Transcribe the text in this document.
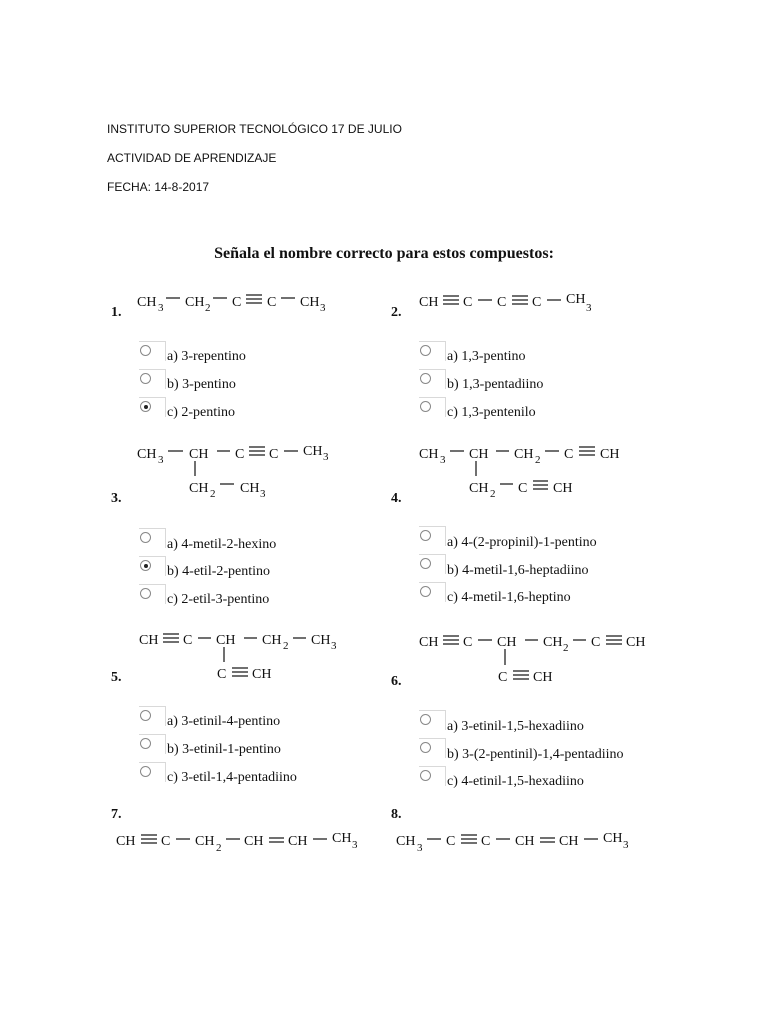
INSTITUTO SUPERIOR TECNOLÓGICO 17 DE JULIO
ACTIVIDAD DE APRENDIZAJE
FECHA: 14-8-2017
Señala el nombre correcto para estos compuestos:
1.	2.
3.	4.
5.	6.
7.	8.
a) 3-repentino
b) 3-pentino
c) 2-pentino
a) 1,3-pentino
b) 1,3-pentadiino
c) 1,3-pentenilo
a) 4-metil-2-hexino
b) 4-etil-2-pentino
c) 2-etil-3-pentino
a) 4-(2-propinil)-1-pentino
b) 4-metil-1,6-heptadiino
c) 4-metil-1,6-heptino
a) 3-etinil-4-pentino
b) 3-etinil-1-pentino
c) 3-etil-1,4-pentadiino
a) 3-etinil-1,5-hexadiino
b) 3-(2-pentinil)-1,4-pentadiino
c) 4-etinil-1,5-hexadiino
CH 3 CH 2 C C CH 3	CH C C C CH
3
CH 3 CH C C CH 3
CH 2 CH 3
CH 3 CH CH 2 C CH
CH 2 C CH
CH C CH CH 2 CH 3
C CH
CH C CH CH 2 C CH
C CH
CH C CH 2 CH CH CH 3	CH 3 C C CH CH CH 3
